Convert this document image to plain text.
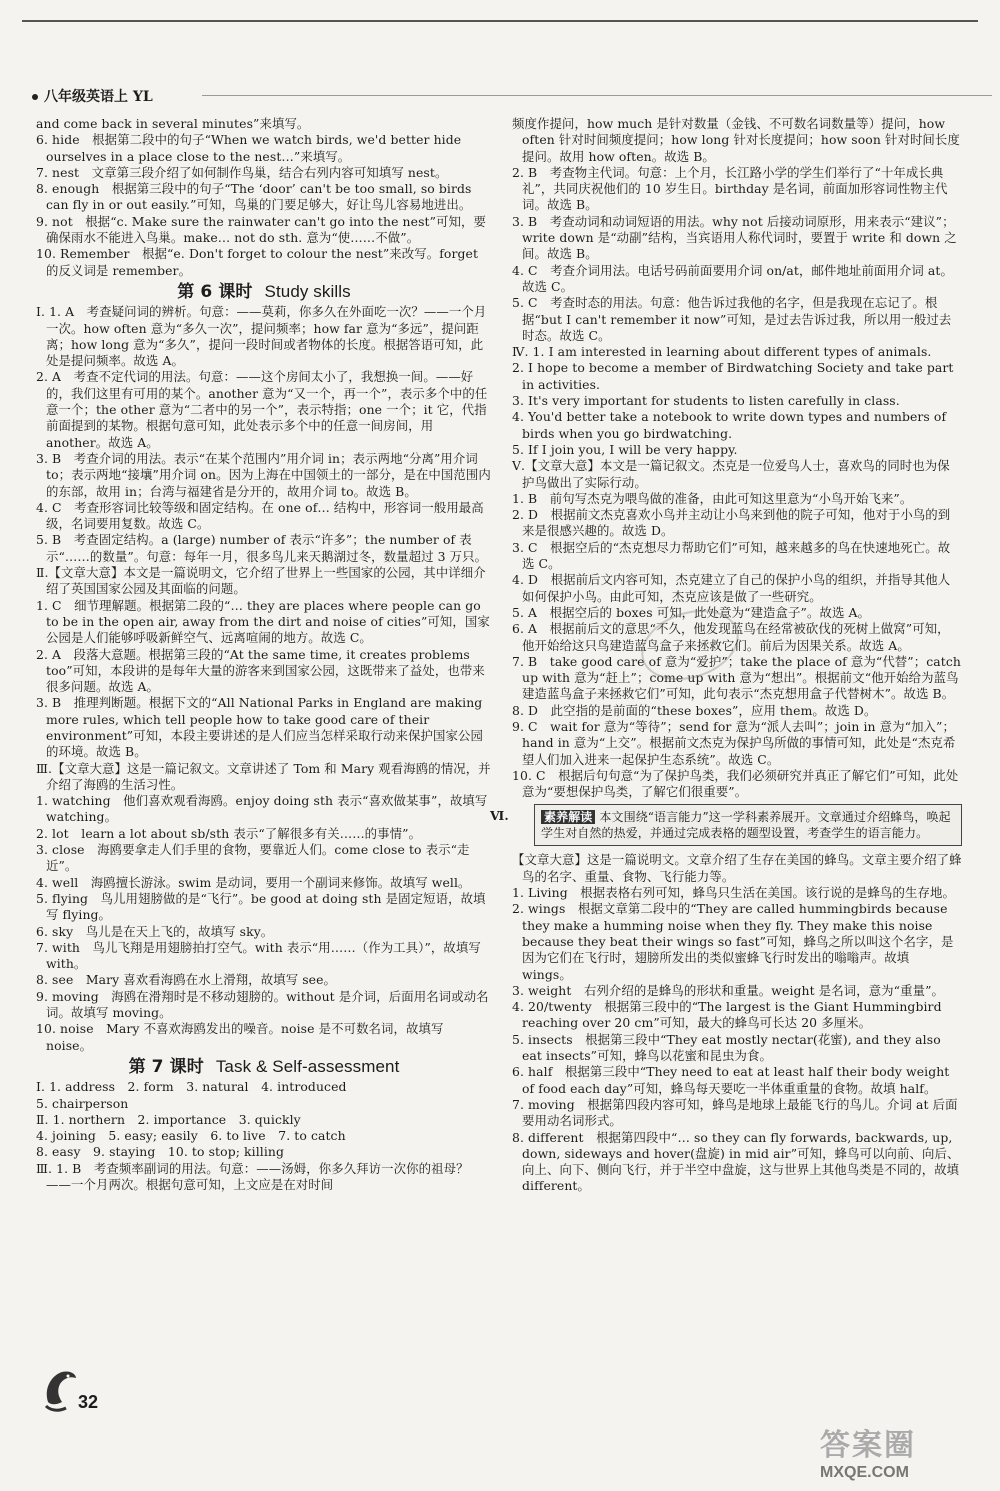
八年级英语上 YL

and come back in several minutes”来填写。

6. hide　根据第二段中的句子“When we watch birds, we'd better hide ourselves in a place close to the nest…”来填写。

7. nest　文章第三段介绍了如何制作鸟巢，结合右列内容可知填写 nest。

8. enough　根据第三段中的句子“The ‘door’ can't be too small, so birds can fly in or out easily.”可知，鸟巢的门要足够大，好让鸟儿容易地进出。

9. not　根据“c. Make sure the rainwater can't go into the nest”可知，要确保雨水不能进入鸟巢。make… not do sth. 意为“使……不做”。

10. Remember　根据“e. Don't forget to colour the nest”来改写。forget 的反义词是 remember。

第 6 课时 Study skills

Ⅰ. 1. A　考查疑问词的辨析。句意：——莫莉，你多久在外面吃一次？——一个月一次。how often 意为“多久一次”，提问频率；how far 意为“多远”，提问距离；how long 意为“多久”，提问一段时间或者物体的长度。根据答语可知，此处是提问频率。故选 A。

2. A　考查不定代词的用法。句意：——这个房间太小了，我想换一间。——好的，我们这里有可用的某个。another 意为“又一个，再一个”，表示多个中的任意一个；the other 意为“二者中的另一个”，表示特指；one 一个；it 它，代指前面提到的某物。根据句意可知，此处表示多个中的任意一间房间，用 another。故选 A。

3. B　考查介词的用法。表示“在某个范围内”用介词 in；表示两地“分离”用介词 to；表示两地“接壤”用介词 on。因为上海在中国领土的一部分，是在中国范围内的东部，故用 in；台湾与福建省是分开的，故用介词 to。故选 B。

4. C　考查形容词比较等级和固定结构。在 one of… 结构中，形容词一般用最高级，名词要用复数。故选 C。

5. B　考查固定结构。a (large) number of 表示“许多”；the number of 表示“……的数量”。句意：每年一月，很多鸟儿来天鹅湖过冬，数量超过 3 万只。

Ⅱ.【文章大意】本文是一篇说明文，它介绍了世界上一些国家的公园，其中详细介绍了英国国家公园及其面临的问题。

1. C　细节理解题。根据第二段的“… they are places where people can go to be in the open air, away from the dirt and noise of cities”可知，国家公园是人们能够呼吸新鲜空气、远离喧闹的地方。故选 C。

2. A　段落大意题。根据第三段的“At the same time, it creates problems too”可知，本段讲的是每年大量的游客来到国家公园，这既带来了益处，也带来很多问题。故选 A。

3. B　推理判断题。根据下文的“All National Parks in England are making more rules, which tell people how to take good care of their environment”可知，本段主要讲述的是人们应当怎样采取行动来保护国家公园的环境。故选 B。

Ⅲ.【文章大意】这是一篇记叙文。文章讲述了 Tom 和 Mary 观看海鸥的情况，并介绍了海鸥的生活习性。

1. watching　他们喜欢观看海鸥。enjoy doing sth 表示“喜欢做某事”，故填写 watching。

2. lot　learn a lot about sb/sth 表示“了解很多有关……的事情”。

3. close　海鸥要拿走人们手里的食物，要靠近人们。come close to 表示“走近”。

4. well　海鸥擅长游泳。swim 是动词，要用一个副词来修饰。故填写 well。

5. flying　鸟儿用翅膀做的是“飞行”。be good at doing sth 是固定短语，故填写 flying。

6. sky　鸟儿是在天上飞的，故填写 sky。

7. with　鸟儿飞翔是用翅膀拍打空气。with 表示“用……（作为工具）”，故填写 with。

8. see　Mary 喜欢看海鸥在水上滑翔，故填写 see。

9. moving　海鸥在滑翔时是不移动翅膀的。without 是介词，后面用名词或动名词。故填写 moving。

10. noise　Mary 不喜欢海鸥发出的噪音。noise 是不可数名词，故填写 noise。

第 7 课时 Task & Self-assessment

Ⅰ. 1. address　2. form　3. natural　4. introduced

5. chairperson

Ⅱ. 1. northern　2. importance　3. quickly

4. joining　5. easy; easily　6. to live　7. to catch

8. easy　9. staying　10. to stop; killing

Ⅲ. 1. B　考查频率副词的用法。句意：——汤姆，你多久拜访一次你的祖母？——一个月两次。根据句意可知，上文应是在对时间

频度作提问，how much 是针对数量（金钱、不可数名词数量等）提问，how often 针对时间频度提问；how long 针对长度提问；how soon 针对时间长度提问。故用 how often。故选 B。

2. B　考查物主代词。句意：上个月，长江路小学的学生们举行了“十年成长典礼”，共同庆祝他们的 10 岁生日。birthday 是名词，前面加形容词性物主代词。故选 B。

3. B　考查动词和动词短语的用法。why not 后接动词原形，用来表示“建议”；write down 是“动副”结构，当宾语用人称代词时，要置于 write 和 down 之间。故选 B。

4. C　考查介词用法。电话号码前面要用介词 on/at，邮件地址前面用介词 at。故选 C。

5. C　考查时态的用法。句意：他告诉过我他的名字，但是我现在忘记了。根据“but I can't remember it now”可知，是过去告诉过我，所以用一般过去时态。故选 C。

Ⅳ. 1. I am interested in learning about different types of animals.

2. I hope to become a member of Birdwatching Society and take part in activities.

3. It's very important for students to listen carefully in class.

4. You'd better take a notebook to write down types and numbers of birds when you go birdwatching.

5. If I join you, I will be very happy.

Ⅴ.【文章大意】本文是一篇记叙文。杰克是一位爱鸟人士，喜欢鸟的同时也为保护鸟做出了实际行动。

1. B　前句写杰克为喂鸟做的准备，由此可知这里意为“小鸟开始飞来”。

2. D　根据前文杰克喜欢小鸟并主动让小鸟来到他的院子可知，他对于小鸟的到来是很感兴趣的。故选 D。

3. C　根据空后的“杰克想尽力帮助它们”可知，越来越多的鸟在快速地死亡。故选 C。

4. D　根据前后文内容可知，杰克建立了自己的保护小鸟的组织，并指导其他人如何保护小鸟。由此可知，杰克应该是做了一些研究。

5. A　根据空后的 boxes 可知，此处意为“建造盒子”。故选 A。

6. A　根据前后文的意思“不久，他发现蓝鸟在经常被砍伐的死树上做窝”可知，他开始给这只鸟建造蓝鸟盒子来拯救它们。前后为因果关系。故选 A。

7. B　take good care of 意为“爱护”；take the place of 意为“代替”；catch up with 意为“赶上”；come up with 意为“想出”。根据前文“他开始给为蓝鸟建造蓝鸟盒子来拯救它们”可知，此句表示“杰克想用盒子代替树木”。故选 B。

8. D　此空指的是前面的“these boxes”，应用 them。故选 D。

9. C　wait for 意为“等待”；send for 意为“派人去叫”；join in 意为“加入”；hand in 意为“上交”。根据前文杰克为保护鸟所做的事情可知，此处是“杰克希望人们加入进来一起保护生态系统”。故选 C。

10. C　根据后句句意“为了保护鸟类，我们必须研究并真正了解它们”可知，此处意为“要想保护鸟类，了解它们很重要”。

Ⅵ.	素养解读 本文围绕“语言能力”这一学科素养展开。文章通过介绍蜂鸟，唤起学生对自然的热爱，并通过完成表格的题型设置，考查学生的语言能力。

【文章大意】这是一篇说明文。文章介绍了生存在美国的蜂鸟。文章主要介绍了蜂鸟的名字、重量、食物、飞行能力等。

1. Living　根据表格右列可知，蜂鸟只生活在美国。该行说的是蜂鸟的生存地。

2. wings　根据文章第二段中的“They are called hummingbirds because they make a humming noise when they fly. They make this noise because they beat their wings so fast”可知，蜂鸟之所以叫这个名字，是因为它们在飞行时，翅膀所发出的类似蜜蜂飞行时发出的嗡嗡声。故填 wings。

3. weight　右列介绍的是蜂鸟的形状和重量。weight 是名词，意为“重量”。

4. 20/twenty　根据第三段中的“The largest is the Giant Hummingbird reaching over 20 cm”可知，最大的蜂鸟可长达 20 多厘米。

5. insects　根据第三段中“They eat mostly nectar(花蜜), and they also eat insects”可知，蜂鸟以花蜜和昆虫为食。

6. half　根据第三段中“They need to eat at least half their body weight of food each day”可知，蜂鸟每天要吃一半体重重量的食物。故填 half。

7. moving　根据第四段内容可知，蜂鸟是地球上最能飞行的鸟儿。介词 at 后面要用动名词形式。

8. different　根据第四段中“… so they can fly forwards, backwards, up, down, sideways and hover(盘旋) in mid air”可知，蜂鸟可以向前、向后、向上、向下、侧向飞行，并于半空中盘旋，这与世界上其他鸟类是不同的，故填 different。

32
答案圈
MXQE.COM
